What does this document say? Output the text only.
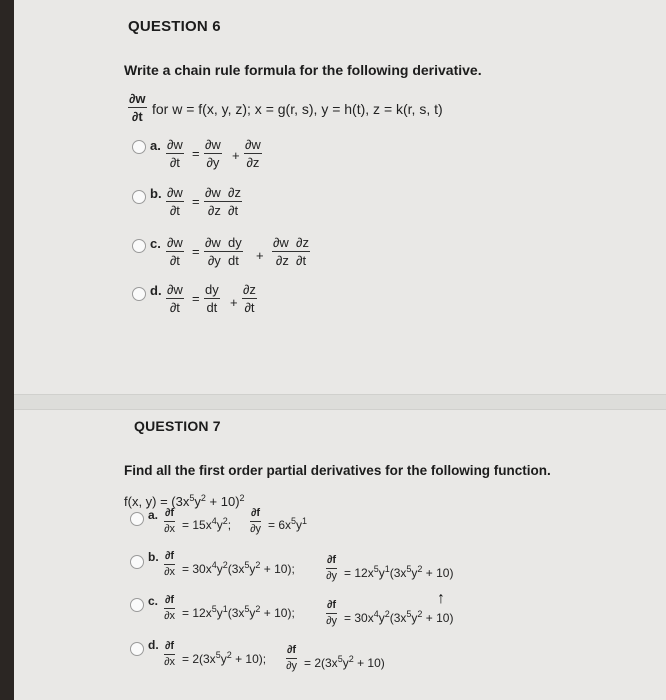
QUESTION 6
Write a chain rule formula for the following derivative.
$\frac{\partial w}{\partial t}$ for w = f(x, y, z); x = g(r, s), y = h(t), z = k(r, s, t)
a. $\frac{\partial w}{\partial t} = \frac{\partial w}{\partial y} + \frac{\partial w}{\partial z}$
b. $\frac{\partial w}{\partial t} = \frac{\partial w \partial z}{\partial z \partial t}$
c. $\frac{\partial w}{\partial t} = \frac{\text{∂w  dy}}{\text{∂y  dt}} + \frac{\partial w \partial z}{\partial z \partial t}$
d. $\frac{\partial w}{\partial t} = \frac{dy}{dt} + \frac{\partial z}{\partial t}$
QUESTION 7
Find all the first order partial derivatives for the following function.
f(x, $y) = (3x^5y^2 + 10)^2$
a. $\frac{\partial f}{\partial x} = 15x^4y^2$; $\frac{\partial f}{\partial y} = 6x^5y^1$
b. $\frac{\partial f}{\partial x} = 30x^4y^2(3x^5y^2 + 10)$;	$\frac{\partial f}{\partial y} = 12x^5y^1(3x^5y^2 + 10)$
c. $\frac{\partial f}{\partial x} = 12x^5y^1(3x^5y^2 + 10)$;	$\frac{\partial f}{\partial y} = 30x^4y^2(3x^5y^2 + 10)$
↑
d. $\frac{\partial f}{\partial x} = 2(3x^5y^2 + 10)$; $\frac{\partial f}{\partial y} = 2(3x^5y^2 + 10)$
